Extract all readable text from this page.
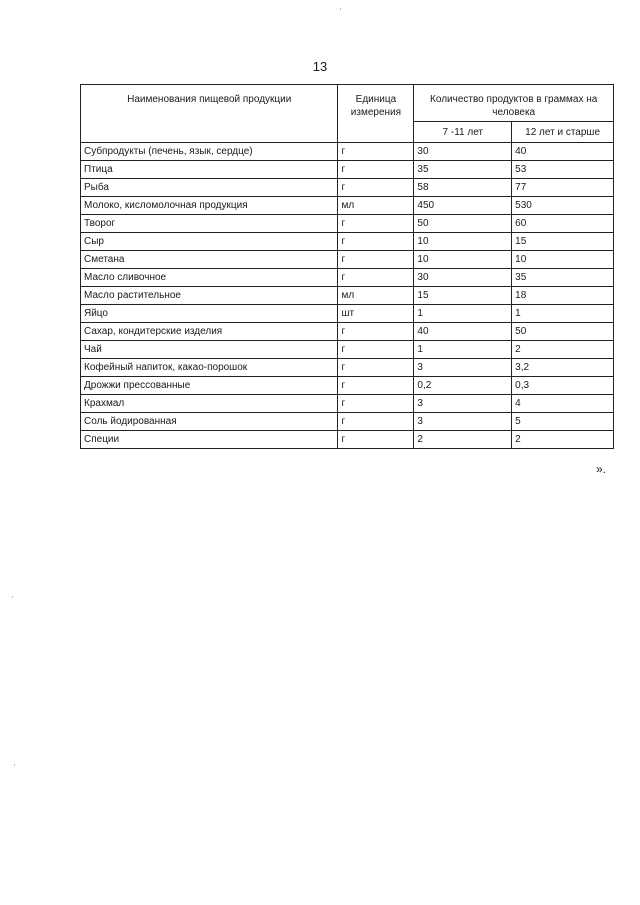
13
Наименования пищевой продукции	Единица измерения	Количество продуктов в граммах на человека	
		7 -11 лет	12 лет и старше
Субпродукты (печень, язык, сердце)	г	30	40
Птица	г	35	53
Рыба	г	58	77
Молоко, кисломолочная продукция	мл	450	530
Творог	г	50	60
Сыр	г	10	15
Сметана	г	10	10
Масло сливочное	г	30	35
Масло растительное	мл	15	18
Яйцо	шт	1	1
Сахар, кондитерские изделия	г	40	50
Чай	г	1	2
Кофейный напиток, какао-порошок	г	3	3,2
Дрожжи прессованные	г	0,2	0,3
Крахмал	г	3	4
Соль йодированная	г	3	5
Специи	г	2	2
».
